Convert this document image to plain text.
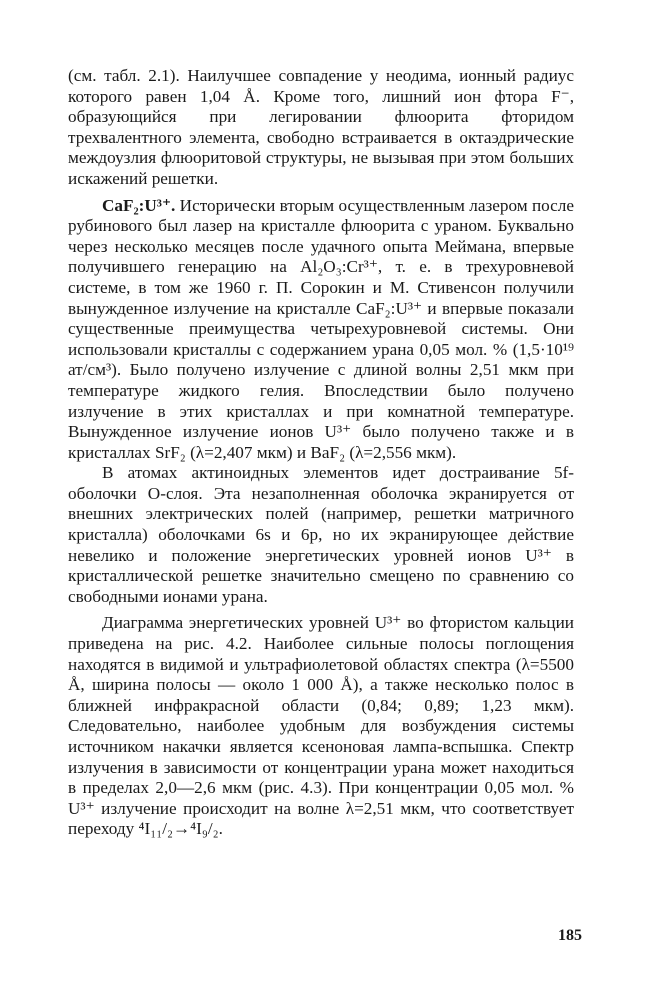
(см. табл. 2.1). Наилучшее совпадение у неодима, ионный радиус которого равен 1,04 Å. Кроме того, лишний ион фтора F⁻, образующийся при легировании флюорита фторидом трехвалентного элемента, свободно встраивается в октаэдрические междоузлия флюоритовой структуры, не вызывая при этом больших искажений решетки.

CaF₂:U³⁺. Исторически вторым осуществленным лазером после рубинового был лазер на кристалле флюорита с ураном. Буквально через несколько месяцев после удачного опыта Меймана, впервые получившего генерацию на Al₂O₃:Cr³⁺, т. е. в трехуровневой системе, в том же 1960 г. П. Сорокин и М. Стивенсон получили вынужденное излучение на кристалле CaF₂:U³⁺ и впервые показали существенные преимущества четырехуровневой системы. Они использовали кристаллы с содержанием урана 0,05 мол. % (1,5·10¹⁹ ат/см³). Было получено излучение с длиной волны 2,51 мкм при температуре жидкого гелия. Впоследствии было получено излучение в этих кристаллах и при комнатной температуре. Вынужденное излучение ионов U³⁺ было получено также и в кристаллах SrF₂ (λ=2,407 мкм) и BaF₂ (λ=2,556 мкм).

В атомах актиноидных элементов идет достраивание 5f-оболочки O-слоя. Эта незаполненная оболочка экранируется от внешних электрических полей (например, решетки матричного кристалла) оболочками 6s и 6p, но их экранирующее действие невелико и положение энергетических уровней ионов U³⁺ в кристаллической решетке значительно смещено по сравнению со свободными ионами урана.

Диаграмма энергетических уровней U³⁺ во фтористом кальции приведена на рис. 4.2. Наиболее сильные полосы поглощения находятся в видимой и ультрафиолетовой областях спектра (λ=5500 Å, ширина полосы — около 1 000 Å), а также несколько полос в ближней инфракрасной области (0,84; 0,89; 1,23 мкм). Следовательно, наиболее удобным для возбуждения системы источником накачки является ксеноновая лампа-вспышка. Спектр излучения в зависимости от концентрации урана может находиться в пределах 2,0—2,6 мкм (рис. 4.3). При концентрации 0,05 мол. % U³⁺ излучение происходит на волне λ=2,51 мкм, что соответствует переходу ⁴I₁₁/₂→⁴I₉/₂.

185
